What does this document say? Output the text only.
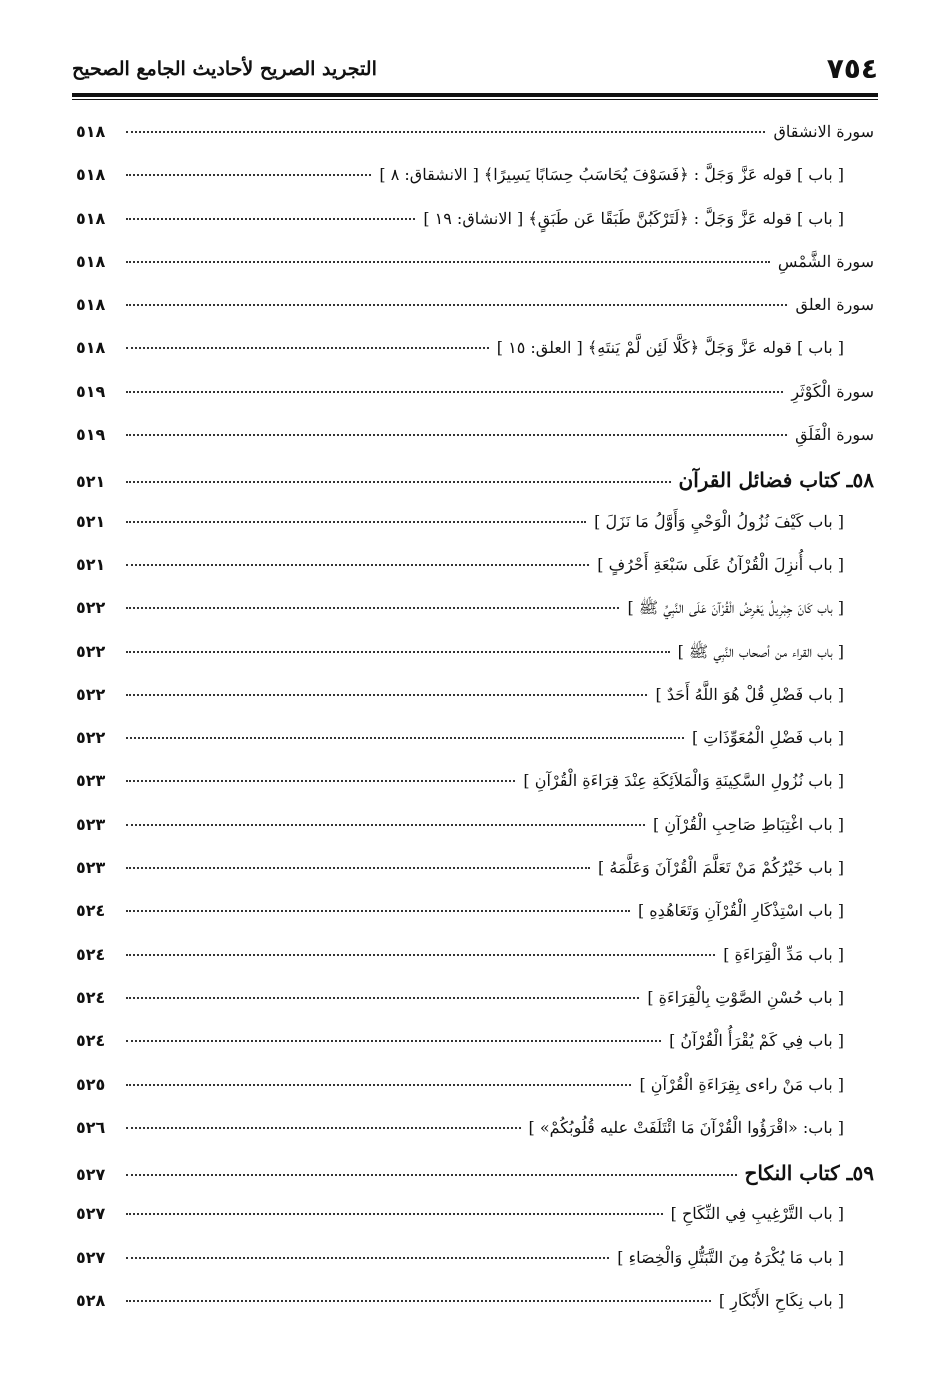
٧٥٤
التجريد الصريح لأحاديث الجامع الصحيح
سورة الانشقاق
٥١٨
[ باب ] قوله عَزَّ وَجَلَّ : ﴿فَسَوْفَ يُحَاسَبُ حِسَابًا يَسِيرًا﴾ [ الانشقاق: ٨ ]
٥١٨
[ باب ] قوله عَزَّ وَجَلَّ : ﴿لَتَرْكَبُنَّ طَبَقًا عَن طَبَقٍ﴾ [ الانشاق: ١٩ ]
٥١٨
سورة الشَّمْسِ
٥١٨
سورة العلق
٥١٨
[ باب ] قوله عَزَّ وَجَلَّ ﴿كَلَّا لَئِن لَّمْ يَنتَهِ﴾ [ العلق: ١٥ ]
٥١٨
سورة الْكَوْثَرِ
٥١٩
سورة الْفَلَقِ
٥١٩
٥٨ـ كتاب فضائل القرآن
٥٢١
[ باب كَيْفَ نُزُولُ الْوَحْيِ وَأَوَّلُ مَا نَزَلَ ]
٥٢١
[ باب أُنزِلَ الْقُرْآنُ عَلَى سَبْعَةِ أَحْرُفٍ ]
٥٢١
[ باب كَانَ جِبْرِيلُ يَعْرِضُ الْقُرْآنَ عَلَى النَّبِيِّ ﷺ ]
٥٢٢
[ باب القراء من أصحاب النَّبِي ﷺ ]
٥٢٢
[ باب فَضْلِ قُلْ هُوَ اللَّهُ أَحَدٌ ]
٥٢٢
[ باب فَضْلِ الْمُعَوِّذَاتِ ]
٥٢٢
[ باب نُزُولِ السَّكِينَةِ وَالْمَلاَئِكَةِ عِنْدَ قِرَاءَةِ الْقُرْآنِ ]
٥٢٣
[ باب اغْتِبَاطِ صَاحِبِ الْقُرْآنِ ]
٥٢٣
[ باب خَيْرُكُمْ مَنْ تَعَلَّمَ الْقُرْآنَ وَعَلَّمَهُ ]
٥٢٣
[ باب اسْتِذْكَارِ الْقُرْآنِ وَتَعَاهُدِهِ ]
٥٢٤
[ باب مَدِّ الْقِرَاءَةِ ]
٥٢٤
[ باب حُسْنِ الصَّوْتِ بِالْقِرَاءَةِ ]
٥٢٤
[ باب فِي كَمْ يُقْرَأُ الْقُرْآنُ ]
٥٢٤
[ باب مَنْ راءى بِقِرَاءَةِ الْقُرْآنِ ]
٥٢٥
[ باب: «اقْرَؤُوا الْقُرْآنَ مَا ائْتَلَفَتْ عليه قُلُوبُكُمْ» ]
٥٢٦
٥٩ـ كتاب النكاح
٥٢٧
[ باب التَّرْغِيبِ فِي النِّكَاحِ ]
٥٢٧
[ باب مَا يُكْرَهُ مِنَ التَّبَتُّلِ وَالْخِصَاءِ ]
٥٢٧
[ باب نِكَاحِ الأَبْكَارِ ]
٥٢٨
